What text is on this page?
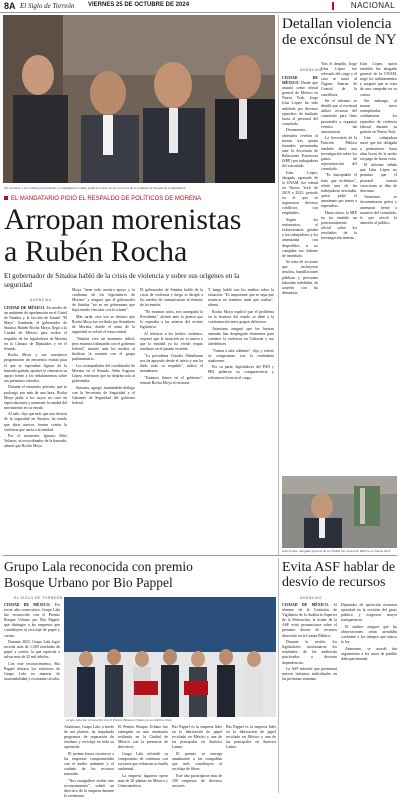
8A El Siglo de Torreón VIERNES 25 DE OCTUBRE DE 2024	NACIONAL
Sin acelerar y sin cambio programado, el mandatario estatal profirió el leer de los recursos de la andanza al Senado de la República.
EL MANDATARIO PIDIÓ EL RESPALDO DE POLÍTICOS DE MORENA
Arropan morenistas
a Rubén Rocha

El gobernador de Sinaloa habló de la crisis de violencia y sobre sus orígenes en la seguridad

AGENCIAS

CIUDAD DE MÉXICO. En medio de un ambiente de aprehensión en el Cártel de Sinaloa y la facción de Ismael "El Mayo" Zambada, el gobernador de Sinaloa, Rubén Rocha Moya, llegó a la Ciudad de México para recibir el respaldo de los legisladores de Morena en la Cámara de Diputados y en el Senado.

Rocha Moya y sus consejeros programaron un encuentro estatal para el que se esperaban figuras de la bancada guinda, quienes le reiteraron su apoyo frente a los señalamientos sobre sus presuntos vínculos.

Durante el encuentro privado, que se prolongó por más de una hora, Rocha Moya pidió a los suyos no caer en especulaciones y mantener la unidad del movimiento en su estado.

Al salir, dijo que más que una derrota de la seguridad en Sinaloa, ha tenido que abrir nuevos frentes contra la violencia que azota a la entidad.

Por el momento, Ignacio Mier Velazco, vicecoordinador de la bancada, afirmó que Rocha Moya

Moya "tiene todo nuestro apoyo y la confianza de los legisladores de Morena" y aseguró que el gobernador de Sinaloa "no es un gobernante que haya tenido vínculos con el crimen".

Más tarde, otra vez se destacó que Rocha Moya fue recibido por Senadores de Morena, donde el tema de la seguridad se volvió el tema central.

"Sinaloa vive un momento difícil, pero estamos trabajando con el gobierno federal", insistió ante los medios al finalizar la reunión con el grupo parlamentario.

Los acompañados del coordinador de Morena en el Senado, Adán Augusto López, reiteraron que no dejarán solo al gobernador.

Sintonía, agregó, mantendrán diálogo con la Secretaría de Seguridad y el Gabinete de Seguridad del gobierno federal.

El gobernador de Sinaloa habló de la crisis de violencia y luego se dirigió a los medios de comunicación al término de la reunión.

"No estamos solos, nos acompaña la Presidenta", afirmó ante la prensa que lo esperaba a las afueras del recinto legislativo.

Al referirse a los hechos violentos, expresó que la situación no es nueva y que la entidad ya ha vivido etapas similares en el pasado reciente.

"La presidenta Claudia Sheinbaum nos ha apoyado desde el inicio y nos ha dado todo su respaldo", indicó el mandatario.

"Estamos firmes en el gobierno", remató Rocha Moya al retirarse.

Y luego habló con los medios sobre la situación: "Es importante que se sepa que nosotros no tenemos nada que ocultar", afirmó.

Rocha Moya explicó que el problema en la frontera del estado se debe a la confrontación entre grupos delictivos.

Asimismo aseguró que las fuerzas armadas han desplegado elementos para contener la violencia en Culiacán y sus alrededores.

"Vamos a salir adelante", dijo, y reiteró su compromiso con la ciudadanía sinaloense.

Por su parte, legisladores del PAN y PRI pidieron su comparecencia y solicitaron licencia al cargo.

Detallan violencia de excónsul de NY
AGENCIAS

CIUDAD DE MÉXICO. Desde que asumió como cónsul general de México en Nueva York, Jorge Islas López ha sido señalado por diversos episodios de maltrato hacia el personal del consulado.

Documentos obtenidos revelan al menos tres quejas formales presentadas ante la Secretaría de Relaciones Exteriores (SRE) por trabajadores del consulado.

Islas López, abogado egresado de la UNAM, fue cónsul en Nueva York de 2019 a 2023, periodo en el que se registraron diversos conflictos con empleados.

Según los testimonios, el exfuncionario gritaba a los trabajadores y los amenazaba con despedirlos si no cumplían sus órdenes de inmediato.

Se trata de acciones que incluyeron insultos, humillaciones públicas y presiones laborales indebidas, de acuerdo con las denuncias.

Tras el despido, Jorge Islas López fue relevado del cargo y el caso se turnó al Órgano Interno de Control de la cancillería.

En el informe, se detalla que el excónsul utilizó recursos del consulado para fines personales y organizó eventos sin autorización.

La Secretaría de la Función Pública también abrió una investigación sobre los gastos de representación del consulado.

"Es inaceptable el trato que recibimos", relató una de las trabajadoras afectadas, quien pidió el anonimato por temor a represalias.

Hasta ahora, la SRE no ha emitido un posicionamiento oficial sobre los resultados de la investigación interna.

Islas López, quien también fue abogado general de la UNAM, negó los señalamientos y aseguró que se trata de una campaña en su contra.

Sin embargo, al menos cinco exempleados confirmaron los episodios de violencia laboral durante su gestión en Nueva York.

Una trabajadora narró que fue obligada a permanecer hasta altas horas de la noche sin pago de horas extra.

El informe señala que Islas López no permitía que el personal tomara vacaciones ni días de descanso.

Asimismo, se documentaron gritos y amenazas frente a usuarios del consulado, lo que afectó la atención al público.

Islas López, abogado general de la UNAM fue cónsul de México en Nueva York.
Grupo Lala reconocida con premio
Bosque Urbano por Bio Pappel
EL SIGLO DE TORREÓN

CIUDAD DE MÉXICO. Por tercer año consecutivo, Grupo Lala fue reconocido con el Premio Bosque Urbano por Bio Pappel, que distingue a las empresas que contribuyen al reciclaje de papel y cartón.

Durante 2023, Grupo Lala logró reciclar más de 1,500 toneladas de papel y cartón, lo que equivale a salvar más de 25 mil árboles.

Con este reconocimiento, Bio Pappel destaca los esfuerzos de Grupo Lala en materia de sustentabilidad y economía circular.

Grupo Lala fue reconocido con el Premio Bosque Urbano en su edición 2024.

Asimismo, Grupo Lala, a través de sus plantas, ha impulsado programas de separación de residuos y reciclaje en toda su operación.

El premio busca reconocer a las empresas comprometidas con el medio ambiente y el cuidado de los recursos naturales.

"Nos enorgullece recibir este reconocimiento", señaló un directivo de la empresa durante la ceremonia.

El Premio Bosque Urbano fue entregado en una ceremonia realizada en la Ciudad de México con la presencia de directivos.

Grupo Lala refrendó su compromiso de continuar con acciones que reduzcan su huella ambiental.

La empresa lagunera opera más de 20 plantas en México y Centroamérica.

Bio Pappel es la empresa líder en la fabricación de papel reciclado en México y una de las principales en América Latina.

El premio se entrega anualmente a las compañías que más contribuyen al reciclaje de fibras.

Este año participaron más de 100 empresas de diversos sectores.

Bio Pappel es la empresa líder en la fabricación de papel reciclado en México y una de las principales en América Latina.

Evita ASF hablar de desvío de recursos
AGENCIAS

CIUDAD DE MÉXICO. Al término de la Comisión de Vigilancia de la Auditoría Superior de la Federación, la titular de la ASF evitó pronunciarse sobre el presunto desvío de recursos detectado en la Cuenta Pública.

Durante la sesión, los legisladores cuestionaron los resultados de las auditorías practicadas a diversas dependencias.

La ASF informó que presentará nuevos informes individuales en las próximas semanas.

Diputados de oposición acusaron opacidad en la revisión del gasto público y exigieron mayor transparencia.

El auditor aseguró que las observaciones serán atendidas conforme a los tiempos que marca la ley.

Asimismo, se acordó dar seguimiento a los casos de posible daño patrimonial.
